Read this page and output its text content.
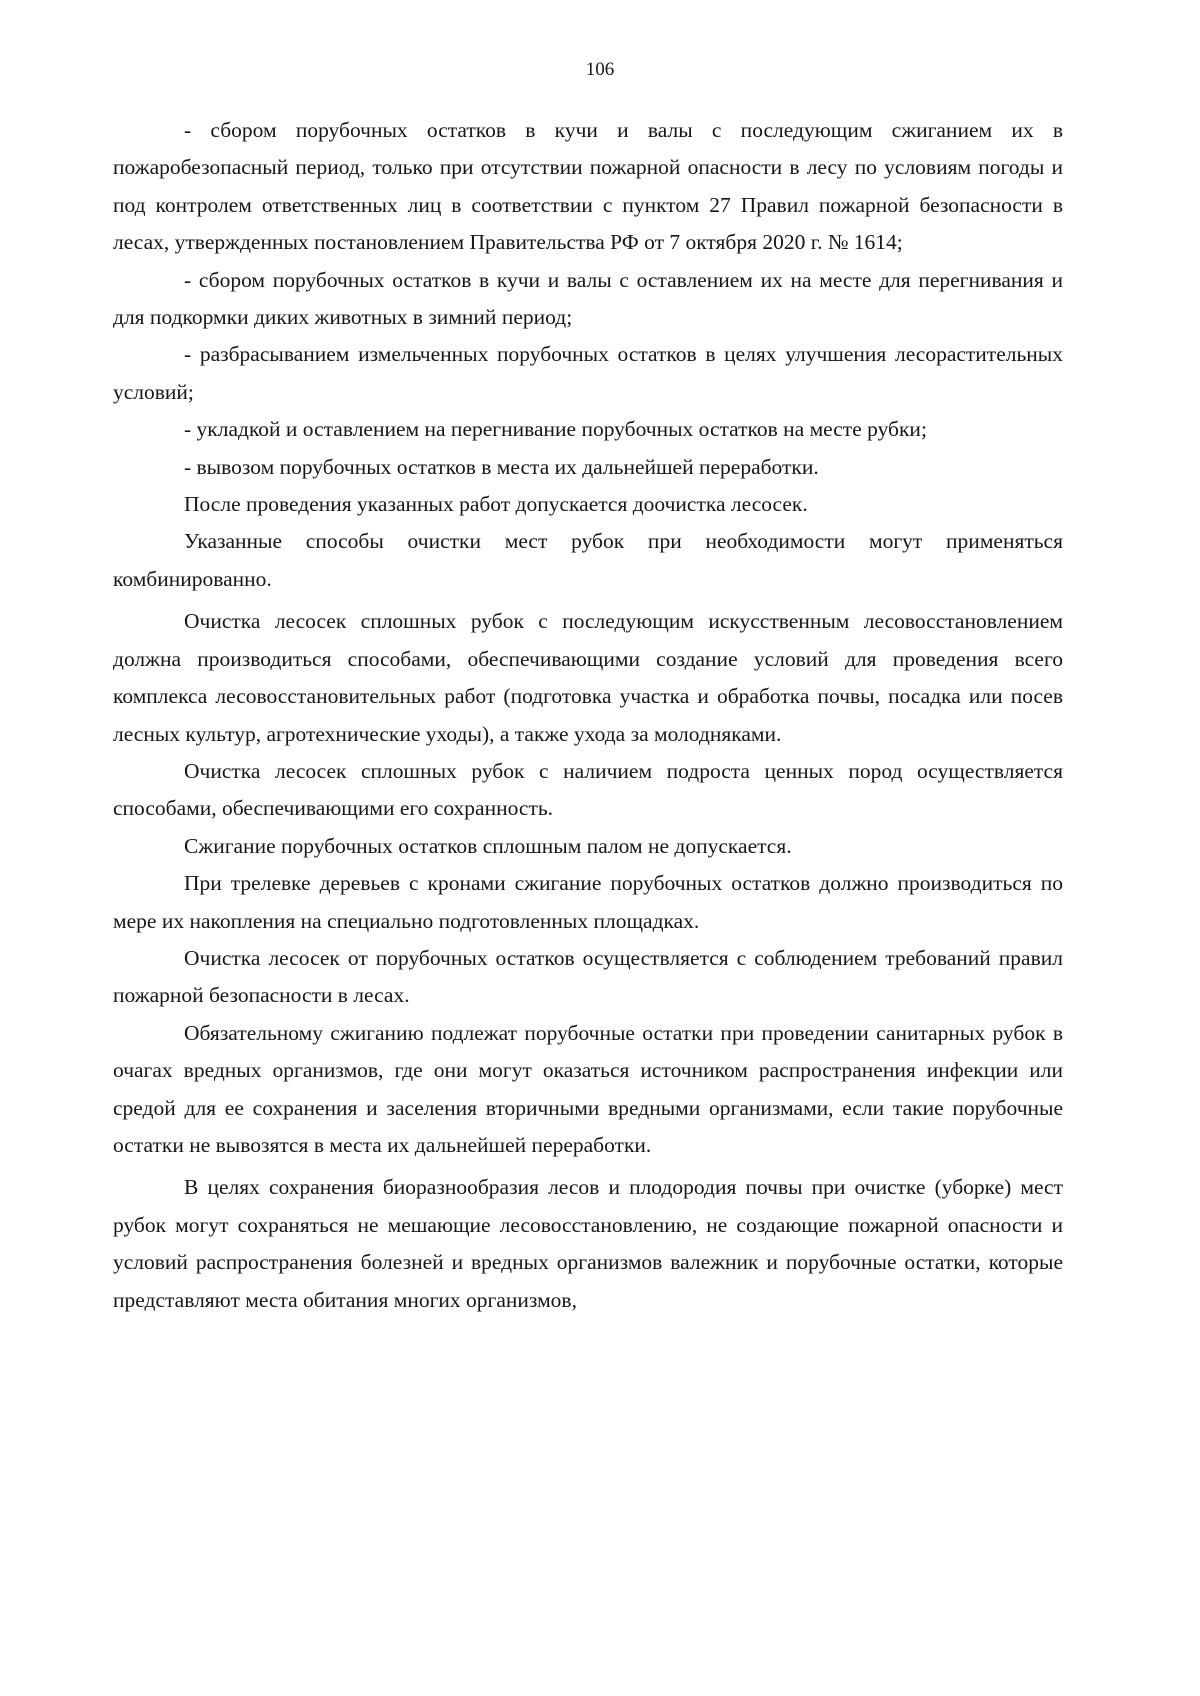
106

- сбором порубочных остатков в кучи и валы с последующим сжиганием их в пожаробезопасный период, только при отсутствии пожарной опасности в лесу по условиям погоды и под контролем ответственных лиц в соответствии с пунктом 27 Правил пожарной безопасности в лесах, утвержденных постановлением Правительства РФ от 7 октября 2020 г. № 1614;

- сбором порубочных остатков в кучи и валы с оставлением их на месте для перегнивания и для подкормки диких животных в зимний период;

- разбрасыванием измельченных порубочных остатков в целях улучшения лесорастительных условий;

- укладкой и оставлением на перегнивание порубочных остатков на месте рубки;

- вывозом порубочных остатков в места их дальнейшей переработки.

После проведения указанных работ допускается доочистка лесосек.

Указанные способы очистки мест рубок при необходимости могут применяться комбинированно.

Очистка лесосек сплошных рубок с последующим искусственным лесовосстановлением должна производиться способами, обеспечивающими создание условий для проведения всего комплекса лесовосстановительных работ (подготовка участка и обработка почвы, посадка или посев лесных культур, агротехнические уходы), а также ухода за молодняками.

Очистка лесосек сплошных рубок с наличием подроста ценных пород осуществляется способами, обеспечивающими его сохранность.

Сжигание порубочных остатков сплошным палом не допускается.

При трелевке деревьев с кронами сжигание порубочных остатков должно производиться по мере их накопления на специально подготовленных площадках.

Очистка лесосек от порубочных остатков осуществляется с соблюдением требований правил пожарной безопасности в лесах.

Обязательному сжиганию подлежат порубочные остатки при проведении санитарных рубок в очагах вредных организмов, где они могут оказаться источником распространения инфекции или средой для ее сохранения и заселения вторичными вредными организмами, если такие порубочные остатки не вывозятся в места их дальнейшей переработки.

В целях сохранения биоразнообразия лесов и плодородия почвы при очистке (уборке) мест рубок могут сохраняться не мешающие лесовосстановлению, не создающие пожарной опасности и условий распространения болезней и вредных организмов валежник и порубочные остатки, которые представляют места обитания многих организмов,
